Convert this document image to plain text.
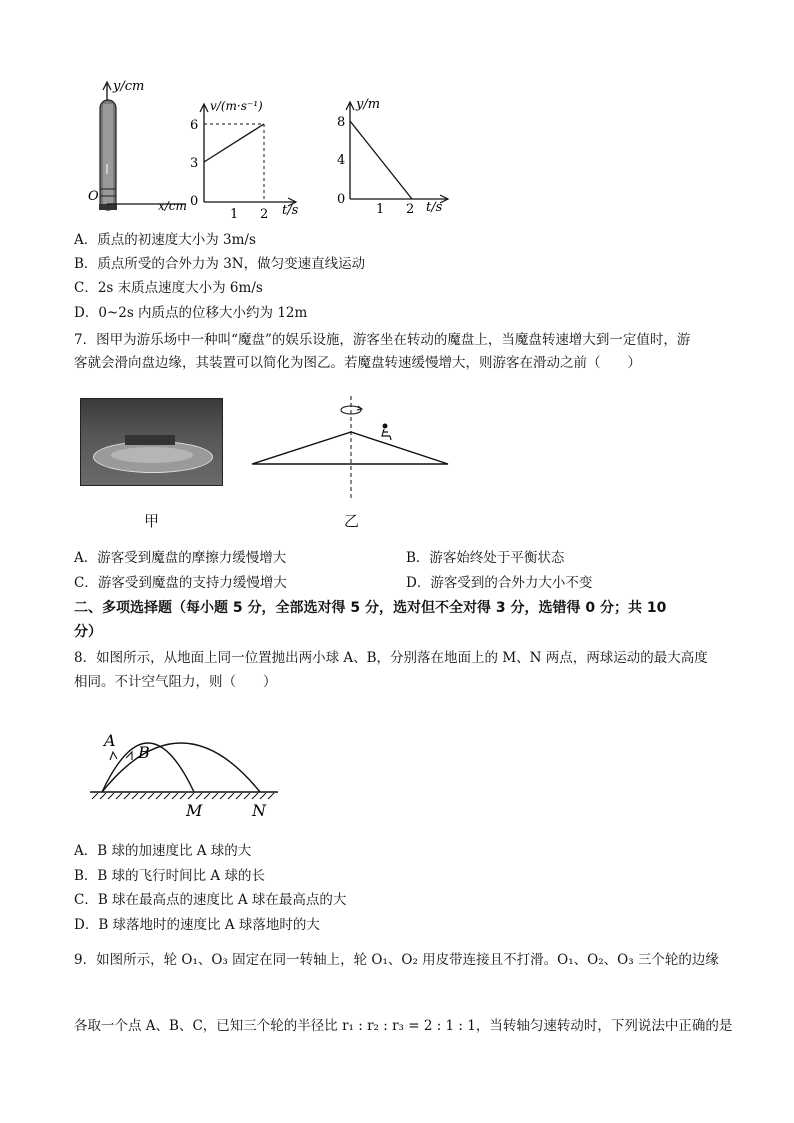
y/cm
O
x/cm
v/(m·s⁻¹)
6
3
0
1 2 t/s
y/m
8
4
0
1 2 t/s
A．质点的初速度大小为 3m/s
B．质点所受的合外力为 3N，做匀变速直线运动
C．2s 末质点速度大小为 6m/s
D．0~2s 内质点的位移大小约为 12m
7．图甲为游乐场中一种叫“魔盘”的娱乐设施，游客坐在转动的魔盘上，当魔盘转速增大到一定值时，游
客就会滑向盘边缘，其装置可以简化为图乙。若魔盘转速缓慢增大，则游客在滑动之前（　　）
甲	乙
A．游客受到魔盘的摩擦力缓慢增大	B．游客始终处于平衡状态
C．游客受到魔盘的支持力缓慢增大	D．游客受到的合外力大小不变
二、多项选择题（每小题 5 分，全部选对得 5 分，选对但不全对得 3 分，选错得 0 分；共 10
分）
8．如图所示，从地面上同一位置抛出两小球 A、B，分别落在地面上的 M、N 两点，两球运动的最大高度
相同。不计空气阻力，则（　　）
A
B
M	N
A．B 球的加速度比 A 球的大
B．B 球的飞行时间比 A 球的长
C．B 球在最高点的速度比 A 球在最高点的大
D．B 球落地时的速度比 A 球落地时的大
9．如图所示，轮 O₁、O₃ 固定在同一转轴上，轮 O₁、O₂ 用皮带连接且不打滑。O₁、O₂、O₃ 三个轮的边缘
各取一个点 A、B、C，已知三个轮的半径比 r₁ : r₂ : r₃ = 2 : 1 : 1，当转轴匀速转动时，下列说法中正确的是
